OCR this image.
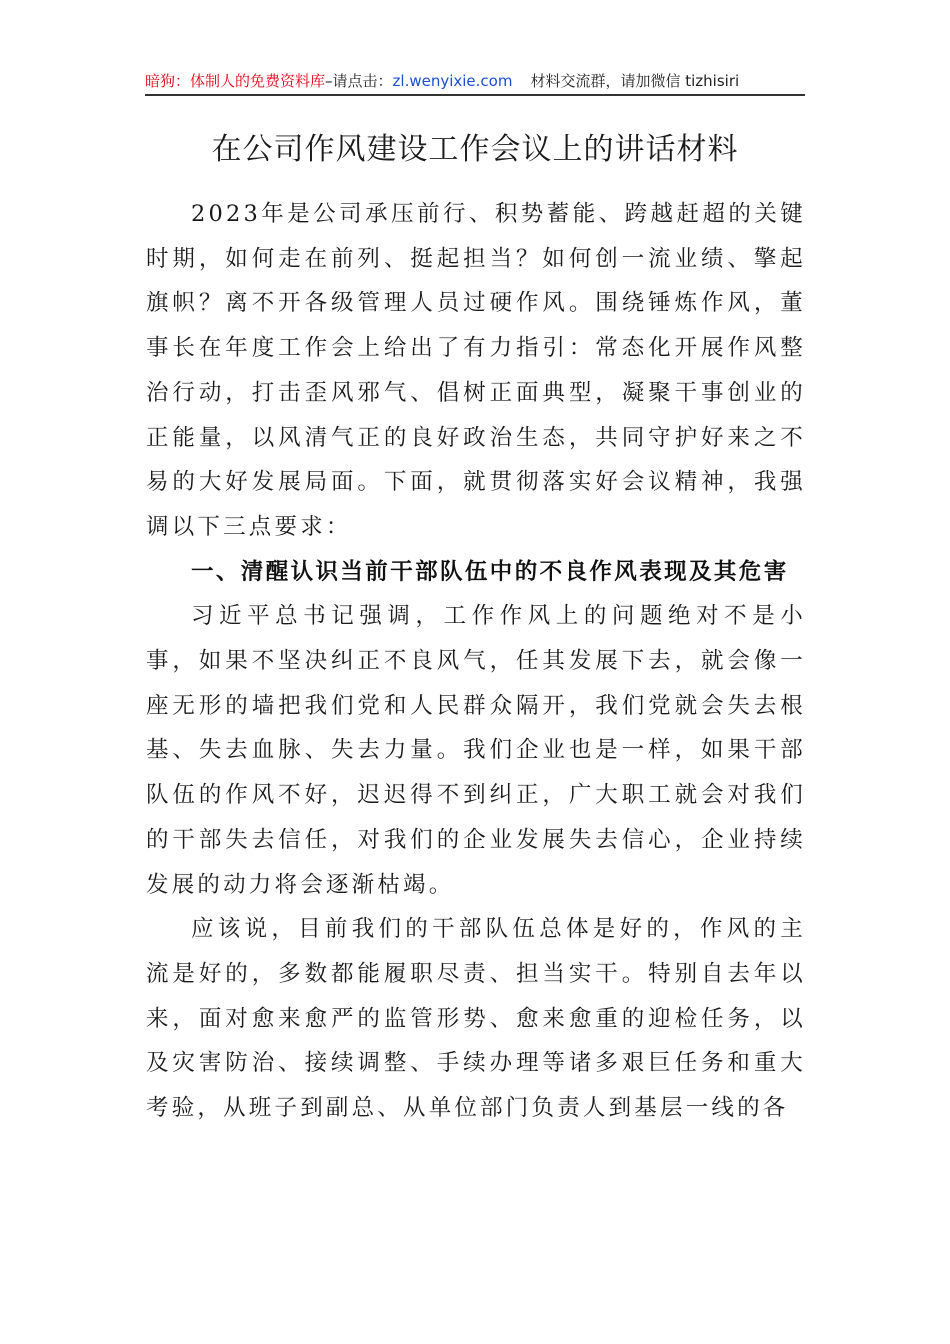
暗狗：体制人的免费资料库–请点击：zl.wenyixie.com 材料交流群，请加微信 tizhisiri
在公司作风建设工作会议上的讲话材料

2023年是公司承压前行、积势蓄能、跨越赶超的关键时期，如何走在前列、挺起担当？如何创一流业绩、擎起旗帜？离不开各级管理人员过硬作风。围绕锤炼作风，董事长在年度工作会上给出了有力指引：常态化开展作风整治行动，打击歪风邪气、倡树正面典型，凝聚干事创业的正能量，以风清气正的良好政治生态，共同守护好来之不易的大好发展局面。下面，就贯彻落实好会议精神，我强调以下三点要求：

一、清醒认识当前干部队伍中的不良作风表现及其危害

习近平总书记强调，工作作风上的问题绝对不是小事，如果不坚决纠正不良风气，任其发展下去，就会像一座无形的墙把我们党和人民群众隔开，我们党就会失去根基、失去血脉、失去力量。我们企业也是一样，如果干部队伍的作风不好，迟迟得不到纠正，广大职工就会对我们的干部失去信任，对我们的企业发展失去信心，企业持续发展的动力将会逐渐枯竭。

应该说，目前我们的干部队伍总体是好的，作风的主流是好的，多数都能履职尽责、担当实干。特别自去年以来，面对愈来愈严的监管形势、愈来愈重的迎检任务，以及灾害防治、接续调整、手续办理等诸多艰巨任务和重大考验，从班子到副总、从单位部门负责人到基层一线的各
